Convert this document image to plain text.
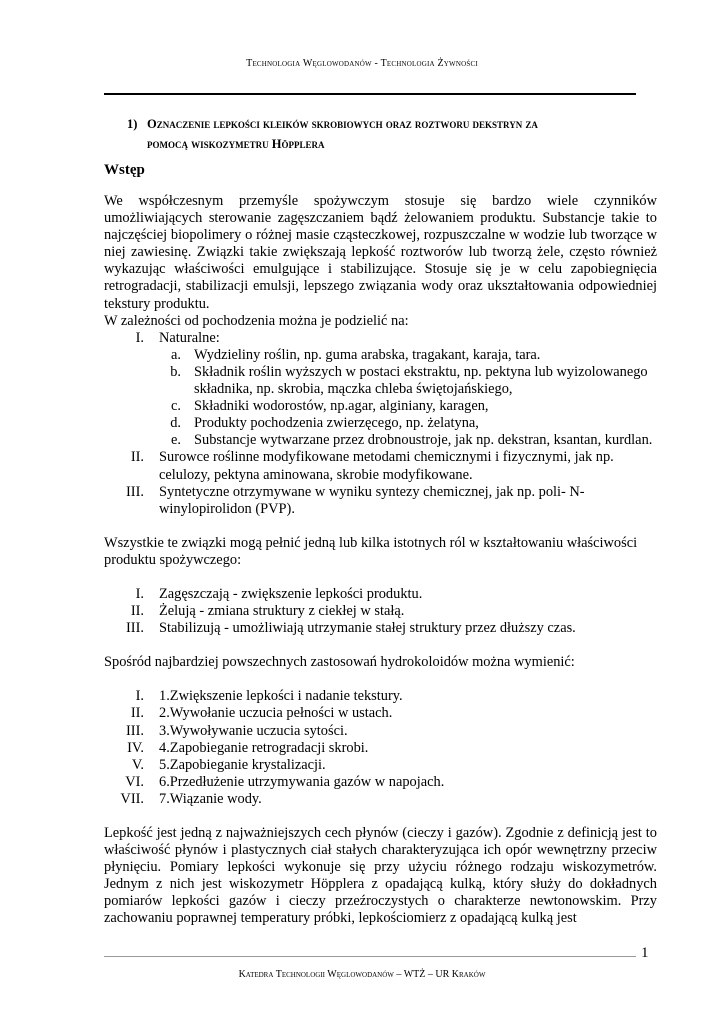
Technologia Węglowodanów - Technologia Żywności
1) Oznaczenie lepkości kleików skrobiowych oraz roztworu dekstryn za
pomocą wiskozymetru Höpplera
Wstęp

We współczesnym przemyśle spożywczym stosuje się bardzo wiele czynników umożliwiających sterowanie zagęszczaniem bądź żelowaniem produktu. Substancje takie to najczęściej biopolimery o różnej masie cząsteczkowej, rozpuszczalne w wodzie lub tworzące w niej zawiesinę. Związki takie zwiększają lepkość roztworów lub tworzą żele, często również wykazując właściwości emulgujące i stabilizujące. Stosuje się je w celu zapobiegnięcia retrogradacji, stabilizacji emulsji, lepszego związania wody oraz ukształtowania odpowiedniej tekstury produktu.

W zależności od pochodzenia można je podzielić na:

I.	Naturalne:
a. Wydzieliny roślin, np. guma arabska, tragakant, karaja, tara.
b. Składnik roślin wyższych w postaci ekstraktu, np. pektyna lub wyizolowanego składnika, np. skrobia, mączka chleba świętojańskiego,
c. Składniki wodorostów, np.agar, alginiany, karagen,
d. Produkty pochodzenia zwierzęcego, np. żelatyna,
e. Substancje wytwarzane przez drobnoustroje, jak np. dekstran, ksantan, kurdlan.
II.	Surowce roślinne modyfikowane metodami chemicznymi i fizycznymi, jak np. celulozy, pektyna aminowana, skrobie modyfikowane.
III.	Syntetyczne otrzymywane w wyniku syntezy chemicznej, jak np. poli- N-winylopirolidon (PVP).

Wszystkie te związki mogą pełnić jedną lub kilka istotnych ról w kształtowaniu właściwości produktu spożywczego:

I.	Zagęszczają - zwiększenie lepkości produktu.
II.	Żelują - zmiana struktury z ciekłej w stałą.
III.	Stabilizują - umożliwiają utrzymanie stałej struktury przez dłuższy czas.

Spośród najbardziej powszechnych zastosowań hydrokoloidów można wymienić:

I.	1.Zwiększenie lepkości i nadanie tekstury.
II.	2.Wywołanie uczucia pełności w ustach.
III.	3.Wywoływanie uczucia sytości.
IV.	4.Zapobieganie retrogradacji skrobi.
V.	5.Zapobieganie krystalizacji.
VI.	6.Przedłużenie utrzymywania gazów w napojach.
VII.	7.Wiązanie wody.

Lepkość jest jedną z najważniejszych cech płynów (cieczy i gazów). Zgodnie z definicją jest to właściwość płynów i plastycznych ciał stałych charakteryzująca ich opór wewnętrzny przeciw płynięciu. Pomiary lepkości wykonuje się przy użyciu różnego rodzaju wiskozymetrów. Jednym z nich jest wiskozymetr Höpplera z opadającą kulką, który służy do dokładnych pomiarów lepkości gazów i cieczy przeźroczystych o charakterze newtonowskim. Przy zachowaniu poprawnej temperatury próbki, lepkościomierz z opadającą kulką jest

1
Katedra Technologii Węglowodanów – WTŻ – UR Kraków
